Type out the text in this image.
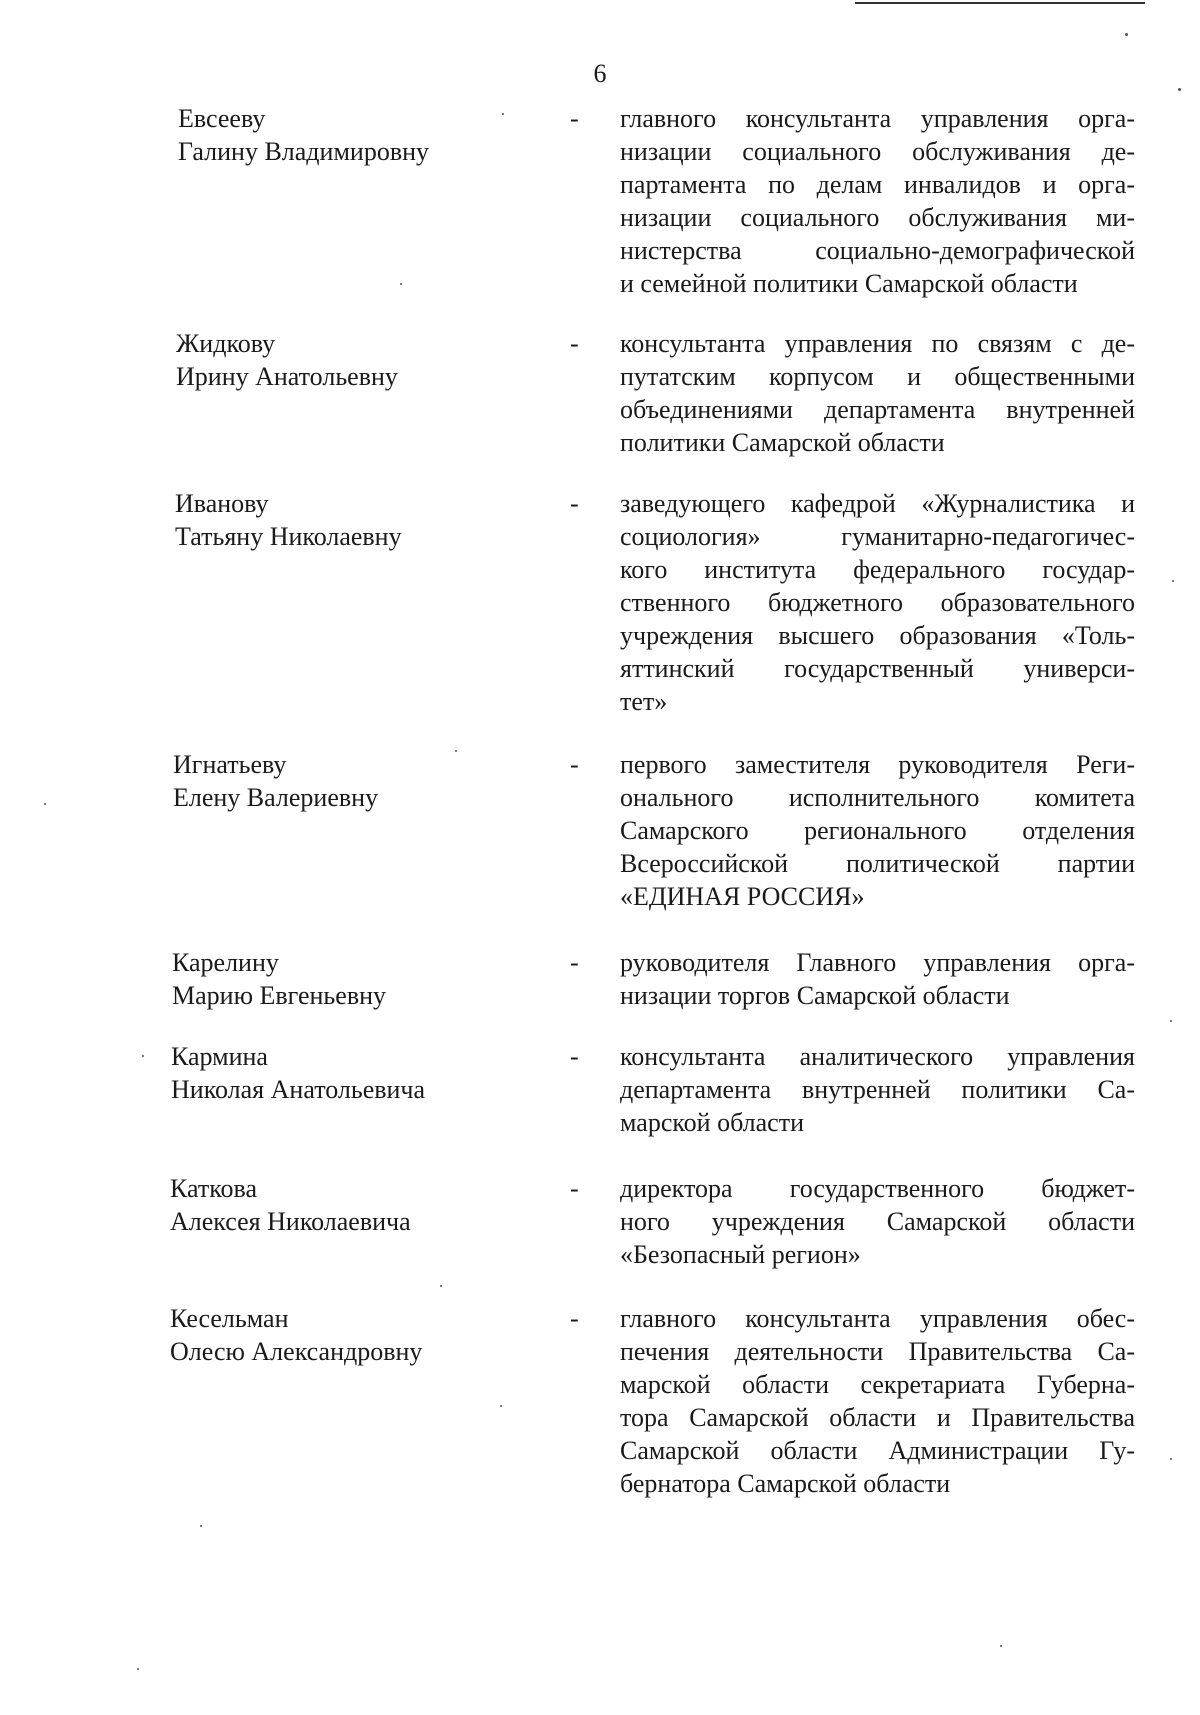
6
Евсееву
Галину Владимировну
- главного консультанта управления орга-
низации социального обслуживания де-
партамента по делам инвалидов и орга-
низации социального обслуживания ми-
нистерства социально-демографической
и семейной политики Самарской области
Жидкову
Ирину Анатольевну
- консультанта управления по связям с де-
путатским корпусом и общественными
объединениями департамента внутренней
политики Самарской области
Иванову
Татьяну Николаевну
- заведующего кафедрой «Журналистика и
социология» гуманитарно-педагогичес-
кого института федерального государ-
ственного бюджетного образовательного
учреждения высшего образования «Толь-
яттинский государственный универси-
тет»
Игнатьеву
Елену Валериевну
- первого заместителя руководителя Реги-
онального исполнительного комитета
Самарского регионального отделения
Всероссийской политической партии
«ЕДИНАЯ РОССИЯ»
Карелину
Марию Евгеньевну
- руководителя Главного управления орга-
низации торгов Самарской области
Кармина
Николая Анатольевича
- консультанта аналитического управления
департамента внутренней политики Са-
марской области
Каткова
Алексея Николаевича
- директора государственного бюджет-
ного учреждения Самарской области
«Безопасный регион»
Кесельман
Олесю Александровну
- главного консультанта управления обес-
печения деятельности Правительства Са-
марской области секретариата Губерна-
тора Самарской области и Правительства
Самарской области Администрации Гу-
бернатора Самарской области
